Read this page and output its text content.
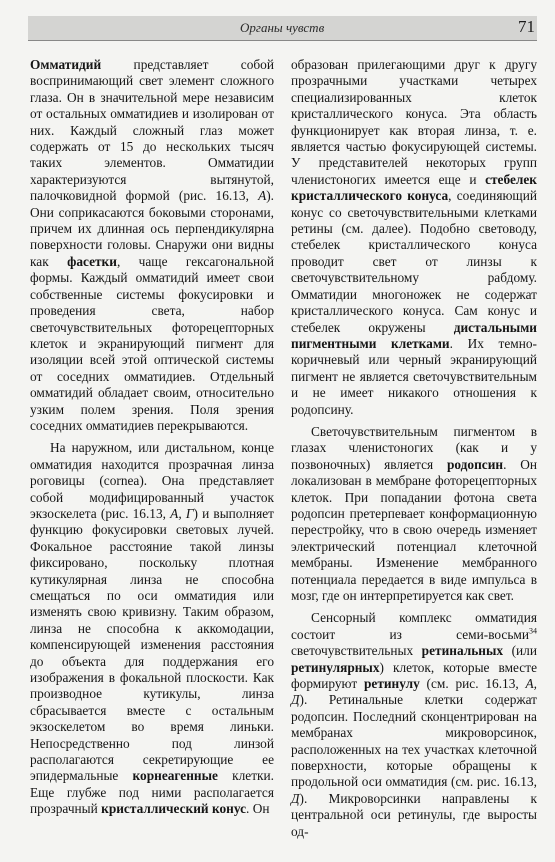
Органы чувств	71

Омматидий представляет собой воспринимающий свет элемент сложного глаза. Он в значительной мере независим от остальных омматидиев и изолирован от них. Каждый сложный глаз может содержать от 15 до нескольких тысяч таких элементов. Омматидии характеризуются вытянутой, палочковидной формой (рис. 16.13, А). Они соприкасаются боковыми сторонами, причем их длинная ось перпендикулярна поверхности головы. Снаружи они видны как фасетки, чаще гексагональной формы. Каждый омматидий имеет свои собственные системы фокусировки и проведения света, набор светочувствительных фоторецепторных клеток и экранирующий пигмент для изоляции всей этой оптической системы от соседних омматидиев. Отдельный омматидий обладает своим, относительно узким полем зрения. Поля зрения соседних омматидиев перекрываются.

На наружном, или дистальном, конце омматидия находится прозрачная линза роговицы (cornea). Она представляет собой модифицированный участок экзоскелета (рис. 16.13, А, Г) и выполняет функцию фокусировки световых лучей. Фокальное расстояние такой линзы фиксировано, поскольку плотная кутикулярная линза не способна смещаться по оси омматидия или изменять свою кривизну. Таким образом, линза не способна к аккомодации, компенсирующей изменения расстояния до объекта для поддержания его изображения в фокальной плоскости. Как производное кутикулы, линза сбрасывается вместе с остальным экзоскелетом во время линьки. Непосредственно под линзой располагаются секретирующие ее эпидермальные корнеагенные клетки. Еще глубже под ними располагается прозрачный кристаллический конус. Он

образован прилегающими друг к другу прозрачными участками четырех специализированных клеток кристаллического конуса. Эта область функционирует как вторая линза, т. е. является частью фокусирующей системы. У представителей некоторых групп членистоногих имеется еще и стебелек кристаллического конуса, соединяющий конус со светочувствительными клетками ретины (см. далее). Подобно световоду, стебелек кристаллического конуса проводит свет от линзы к светочувствительному рабдому. Омматидии многоножек не содержат кристаллического конуса. Сам конус и стебелек окружены дистальными пигментными клетками. Их темно-коричневый или черный экранирующий пигмент не является светочувствительным и не имеет никакого отношения к родопсину.

Светочувствительным пигментом в глазах членистоногих (как и у позвоночных) является родопсин. Он локализован в мембране фоторецепторных клеток. При попадании фотона света родопсин претерпевает конформационную перестройку, что в свою очередь изменяет электрический потенциал клеточной мембраны. Изменение мембранного потенциала передается в виде импульса в мозг, где он интерпретируется как свет.

Сенсорный комплекс омматидия состоит из семи-восьми$^{34}$ светочувствительных ретинальных (или ретинулярных) клеток, которые вместе формируют ретинулу (см. рис. 16.13, А, Д). Ретинальные клетки содержат родопсин. Последний сконцентрирован на мембранах микроворсинок, расположенных на тех участках клеточной поверхности, которые обращены к продольной оси омматидия (см. рис. 16.13, Д). Микроворсинки направлены к центральной оси ретинулы, где выросты од-
